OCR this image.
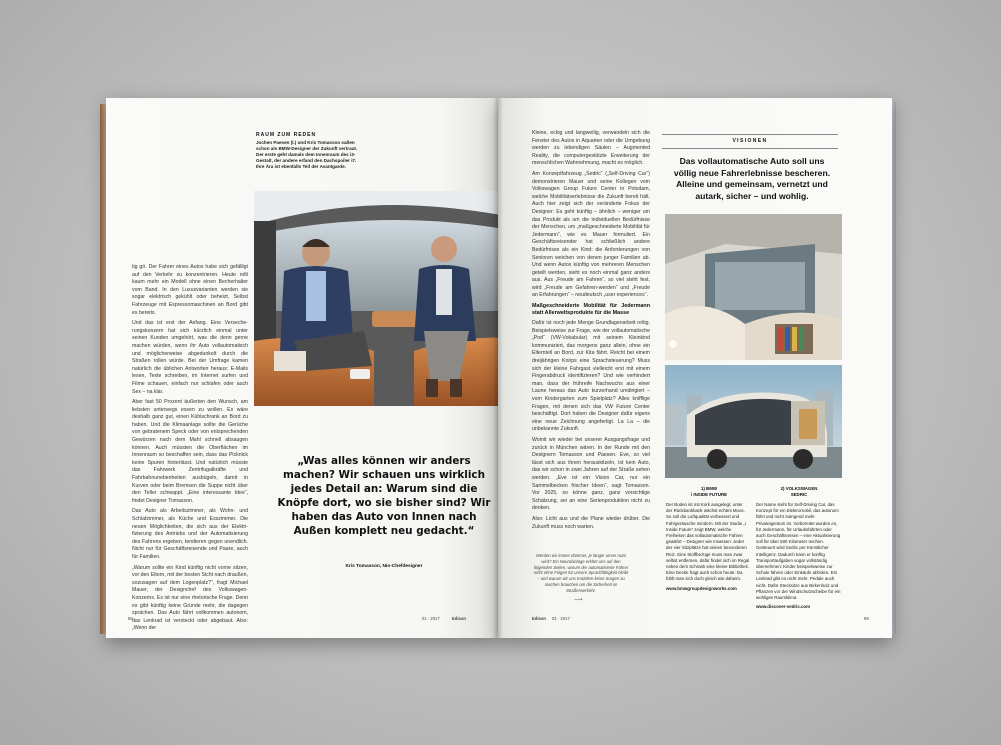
tig gö. Der Fahrer eines Autos habe sich gefälligt auf den Verkehr zu konzentrieren. Heute rollt kaum mehr ein Modell ohne einen Becherhalter vom Band. In den Luxusvarianten werden sie sogar elektrisch gekühlt oder beheizt. Selbst Fahrzeuge mit Espressomaschinen an Bord gibt es bereits.

Und das ist erst der Anfang. Eine Versecherungskonzern hat sich kürzlich einmal unter seinen Kunden umgehört, was die denn gerne machen würden, wenn ihr Auto vollautomatisch und möglicherweise abgedunkelt durch die Straßen rollen würde. Bei der Umfrage kamen natürlich die üblichen Antworten heraus: E-Mails lesen, Texte schreiben, im Internet surfen und Filme schauen, einfach nur schlafen oder auch Sex – na klar.

Aber fast 50 Prozent äußerten den Wunsch, am liebsten unterwegs essen zu wollen. Es wäre deshalb ganz gut, einen Kühlschrank an Bord zu haben. Und die Klimaanlage sollte die Gerüche von gebratenem Speck oder von entsprechenden Gewürzen nach dem Mahl schnell absaugen können. Auch müssten die Oberflächen im Innenraum so beschaffen sein, dass das Picknick keine Spuren hinterlässt. Und natürlich müsste das Fahrwerk Zentrifugalkräfte und Fahrbahnunebenheiten ausbügeln, damit in Kurven oder beim Bremsen die Suppe nicht über den Teller schwappt. „Eine interessante Idee“, findet Designer Tomasson.

Das Auto als Arbeitszimmer, als Wohn- und Schlafzimmer, als Küche und Esszimmer. Die neuen Möglichkeiten, die sich aus der Elektrifizierung des Antriebs und der Automatisierung des Fahrens ergeben, tendieren gegen unendlich. Nicht nur für Geschäftsreisende und Paare, auch für Familien.

„Warum sollte ein Kind künftig nicht vorne sitzen, vor den Eltern, mit der besten Sicht nach draußen, sozusagen auf dem Logenplatz?“, fragt Michael Mauer, der Designchef des Volkswagen-Konzerns. Es ist nur eine rhetorische Frage. Denn es gibt künftig keine Gründe mehr, die dagegen sprächen. Das Auto fährt vollkommen autonom, das Lenkrad ist versteckt oder abgebaut. Also: „Wenn der

RAUM ZUM REDEN
Jochen Paesen (l.) und Kris Tomasson saßen schon als BMW-Designer der Zukunft vertraut. Der erste geht damals dem Innenraum des i3-Gestalt, der andere erfand den Dachspoiler i7. Ihre Ära ist ebenfalls Teil der Avantgarde.
„Was alles können wir anders machen? Wir schauen uns wirklich jedes Detail an: Warum sind die Knöpfe dort, wo sie bisher sind? Wir haben das Auto von Innen nach Außen komplett neu gedacht.“
Kris Tomasson, Nio-Chefdesigner
88	01 · 2017	Edison

Kleine, eckig und langweilig, verwandeln sich die Fenster des Autos in Aquarien oder die Umgebung werden zu lebendigen Säulen – Augmented Reality, die computergestützte Erweiterung der menschlichen Wahrnehmung, macht es möglich.

Am Konzeptfahrzeug „Sedric“ („Self-Driving Car“) demonstrieren Mauer und seine Kollegen vom Volkswagen Group Future Center in Potsdam, welche Mobilitätserlebnisse die Zukunft bereit hält. Auch hier zeigt sich der veränderte Fokus der Designer: Es geht künftig – ähnlich – weniger um das Produkt als um die individuellen Bedürfnisse der Menschen, um „maßgeschneiderte Mobilität für Jedermann“, wie es Mauer formuliert. Ein Geschäftsreisender hat schließlich andere Bedürfnisse als ein Kind: die Anforderungen von Senioren weichen von denen junger Familien ab. Und wenn Autos künftig von mehreren Menschen geteilt werden, sieht es noch einmal ganz anders aus. Aus „Freude am Fahren“, so viel steht fest, wird „Freude am Gefahren-werden“ und „Freude an Erfahrungen“ – neudeutsch „user experiences“.

Maßgeschneiderte Mobilität für Jedermann statt Allerweltsprodukte für die Masse

Dafür ist noch jede Menge Grundlagenarbeit nötig. Beispielsweise zur Frage, wie der vollautomatische „Pod“ (VW-Vokabular) mit seinem Kleinkind kommuniziert, das morgens ganz allein, ohne ein Elternteil an Bord, zur Kita fährt. Reicht bei einem dreijährigen Knirps eine Sprachsteuerung? Muss sich der kleine Fahrgast vielleicht erst mit einem Fingerabdruck identifizieren? Und wie verhindert man, dass der frühreife Nachwuchs aus einer Laune heraus das Auto kurzerhand umdirigiert – vom Kindergarten zum Spielplatz? Alles knifflige Fragen, mit denen sich das VW Future Center beschäftigt. Dort haben die Designer dafür eigens eine neue Zeichnung angefertigt. La La – die unbekannte Zukunft.

Womit wir wieder bei unserer Ausgangsfrage und zurück in München wären. In der Runde mit den Designern Tomasson und Paesen. Eve, so viel lässt sich aus ihnen herauskitzeln, ist kein Auto, das wir schon in zwei Jahren auf der Straße sehen werden. „Eve ist ein Vision Car, nur ein Sammelbecken frischer Ideen“, sagt Tomasson. Vor 2025, so könne ganz, ganz vorsichtige Schätzung, sei an eine Serienproduktion nicht zu denken.

Also: Licht aus und die Plane wieder drüber. Die Zukunft muss noch warten.

Werden wir immer dümmer, je länger unser Auto wird? Ein Neurobiologe erklärt uns auf den folgenden Seiten, warum der automatisierte Fahrer nicht ohne Folgen für unsere Sprachfähigkeit bleibt – und warum wir uns trotzdem keine Sorgen zu machen brauchen um die Sicherheit im Straßenverkehr.
⟶
VISIONEN
Das vollautomatische Auto soll uns völlig neue Fahrerlebnisse bescheren. Alleine und gemeinsam, vernetzt und autark, sicher – und wohlig.
1) BMW
i INSIDE FUTURE
2) VOLKSWAGEN
SEDRIC
Der Boden ist mit Kork ausgelegt, unter der Rückbankbank wächst echtes Moos. So soll die Luftqualität verbessert und Fahrgeräusche mindern. Mit der Studie „i Inside Future“ zeigt BMW, welche Freiheiten das vollautomatische Fahren gewährt – Designer wie Insassen: Jeder der vier Sitzplätze hat seinen besonderen Reiz. Eine Stoffbezüge muss man zwar selbst entfernen, dafür findet sich im Regal neben dem Schrank eine kleine Bibliothek. Eine Decke fragt auch schon heute: Da fühlt man sich doch gleich wie daheim.
www.bmwgroupdesignworks.com
Der Name steht für Self-Driving Car, das Konzept für ein Elektromobil, das autonom fährt und nicht zwingend mehr Privateigentum ist. Vorbereitet wurden es, für Jedermann, für Urlaubsfahrten oder auch Geschäftsreisen – eine Aktualisierung soll für über 500 Kilometer reichen. Gesteuert wird Sedric per Künstlicher Intelligenz. Dadurch kann er künftig Transportaufgaben sogar vollständig übernehmen: Kinder beispielsweise zur Schule fahren oder Einkäufe abholen. Ein Lenkrad gibt es nicht mehr. Pedale auch nicht. Dafür Stecksitze aus Birkenholz und Pflanzen vor der Windschutzscheibe für ein wohliges Raumklima.
www.discover-sedric.com
Edison 01 · 2017	89
